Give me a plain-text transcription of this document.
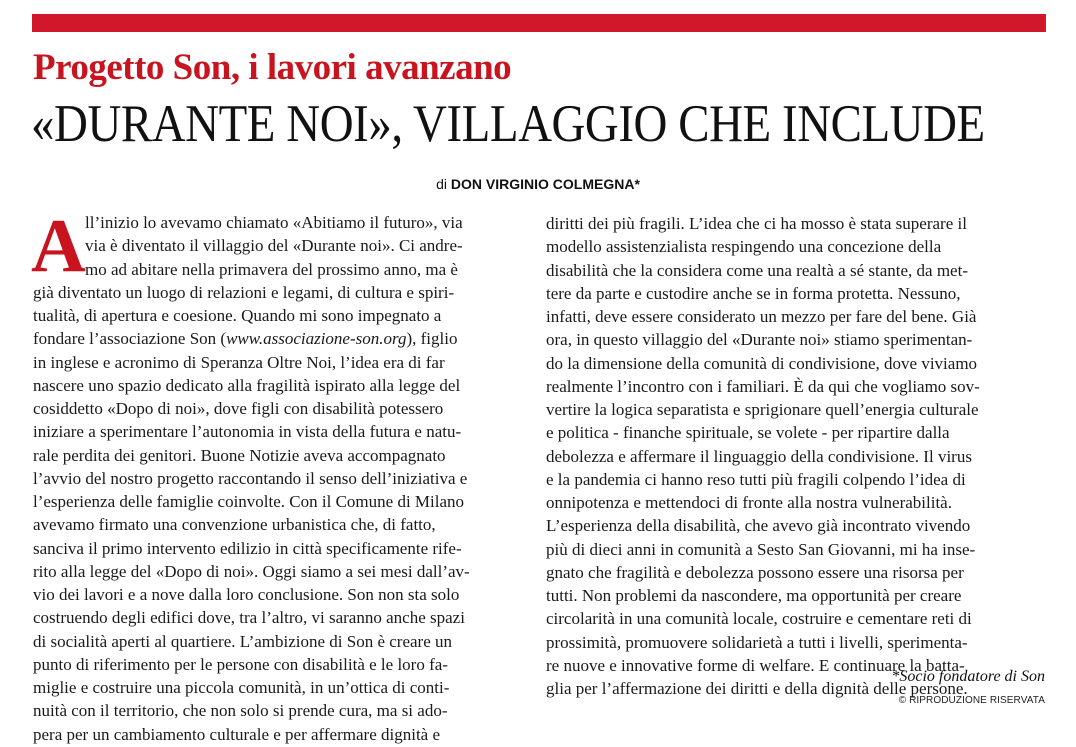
Progetto Son, i lavori avanzano
«DURANTE NOI», VILLAGGIO CHE INCLUDE
di DON VIRGINIO COLMEGNA*
A ll’inizio lo avevamo chiamato «Abitiamo il futuro», via
via è diventato il villaggio del «Durante noi». Ci andre-
mo ad abitare nella primavera del prossimo anno, ma è
già diventato un luogo di relazioni e legami, di cultura e spiri-
tualità, di apertura e coesione. Quando mi sono impegnato a
fondare l’associazione Son (www.associazione-son.org), figlio
in inglese e acronimo di Speranza Oltre Noi, l’idea era di far
nascere uno spazio dedicato alla fragilità ispirato alla legge del
cosiddetto «Dopo di noi», dove figli con disabilità potessero
iniziare a sperimentare l’autonomia in vista della futura e natu-
rale perdita dei genitori. Buone Notizie aveva accompagnato
l’avvio del nostro progetto raccontando il senso dell’iniziativa e
l’esperienza delle famiglie coinvolte. Con il Comune di Milano
avevamo firmato una convenzione urbanistica che, di fatto,
sanciva il primo intervento edilizio in città specificamente rife-
rito alla legge del «Dopo di noi». Oggi siamo a sei mesi dall’av-
vio dei lavori e a nove dalla loro conclusione. Son non sta solo
costruendo degli edifici dove, tra l’altro, vi saranno anche spazi
di socialità aperti al quartiere. L’ambizione di Son è creare un
punto di riferimento per le persone con disabilità e le loro fa-
miglie e costruire una piccola comunità, in un’ottica di conti-
nuità con il territorio, che non solo si prende cura, ma si ado-
pera per un cambiamento culturale e per affermare dignità e
diritti dei più fragili. L’idea che ci ha mosso è stata superare il
modello assistenzialista respingendo una concezione della
disabilità che la considera come una realtà a sé stante, da met-
tere da parte e custodire anche se in forma protetta. Nessuno,
infatti, deve essere considerato un mezzo per fare del bene. Già
ora, in questo villaggio del «Durante noi» stiamo sperimentan-
do la dimensione della comunità di condivisione, dove viviamo
realmente l’incontro con i familiari. È da qui che vogliamo sov-
vertire la logica separatista e sprigionare quell’energia culturale
e politica - finanche spirituale, se volete - per ripartire dalla
debolezza e affermare il linguaggio della condivisione. Il virus
e la pandemia ci hanno reso tutti più fragili colpendo l’idea di
onnipotenza e mettendoci di fronte alla nostra vulnerabilità.
L’esperienza della disabilità, che avevo già incontrato vivendo
più di dieci anni in comunità a Sesto San Giovanni, mi ha inse-
gnato che fragilità e debolezza possono essere una risorsa per
tutti. Non problemi da nascondere, ma opportunità per creare
circolarità in una comunità locale, costruire e cementare reti di
prossimità, promuovere solidarietà a tutti i livelli, sperimenta-
re nuove e innovative forme di welfare. E continuare la batta-
glia per l’affermazione dei diritti e della dignità delle persone.
*Socio fondatore di Son
© RIPRODUZIONE RISERVATA
